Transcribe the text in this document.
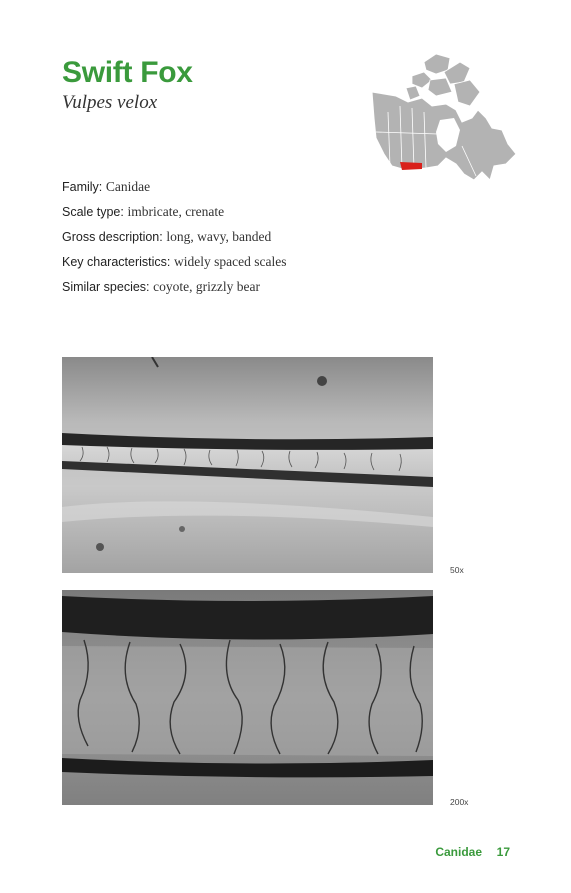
Swift Fox
Vulpes velox
Family: Canidae
Scale type: imbricate, crenate
Gross description: long, wavy, banded
Key characteristics: widely spaced scales
Similar species: coyote, grizzly bear
50x
200x
Canidae 17
